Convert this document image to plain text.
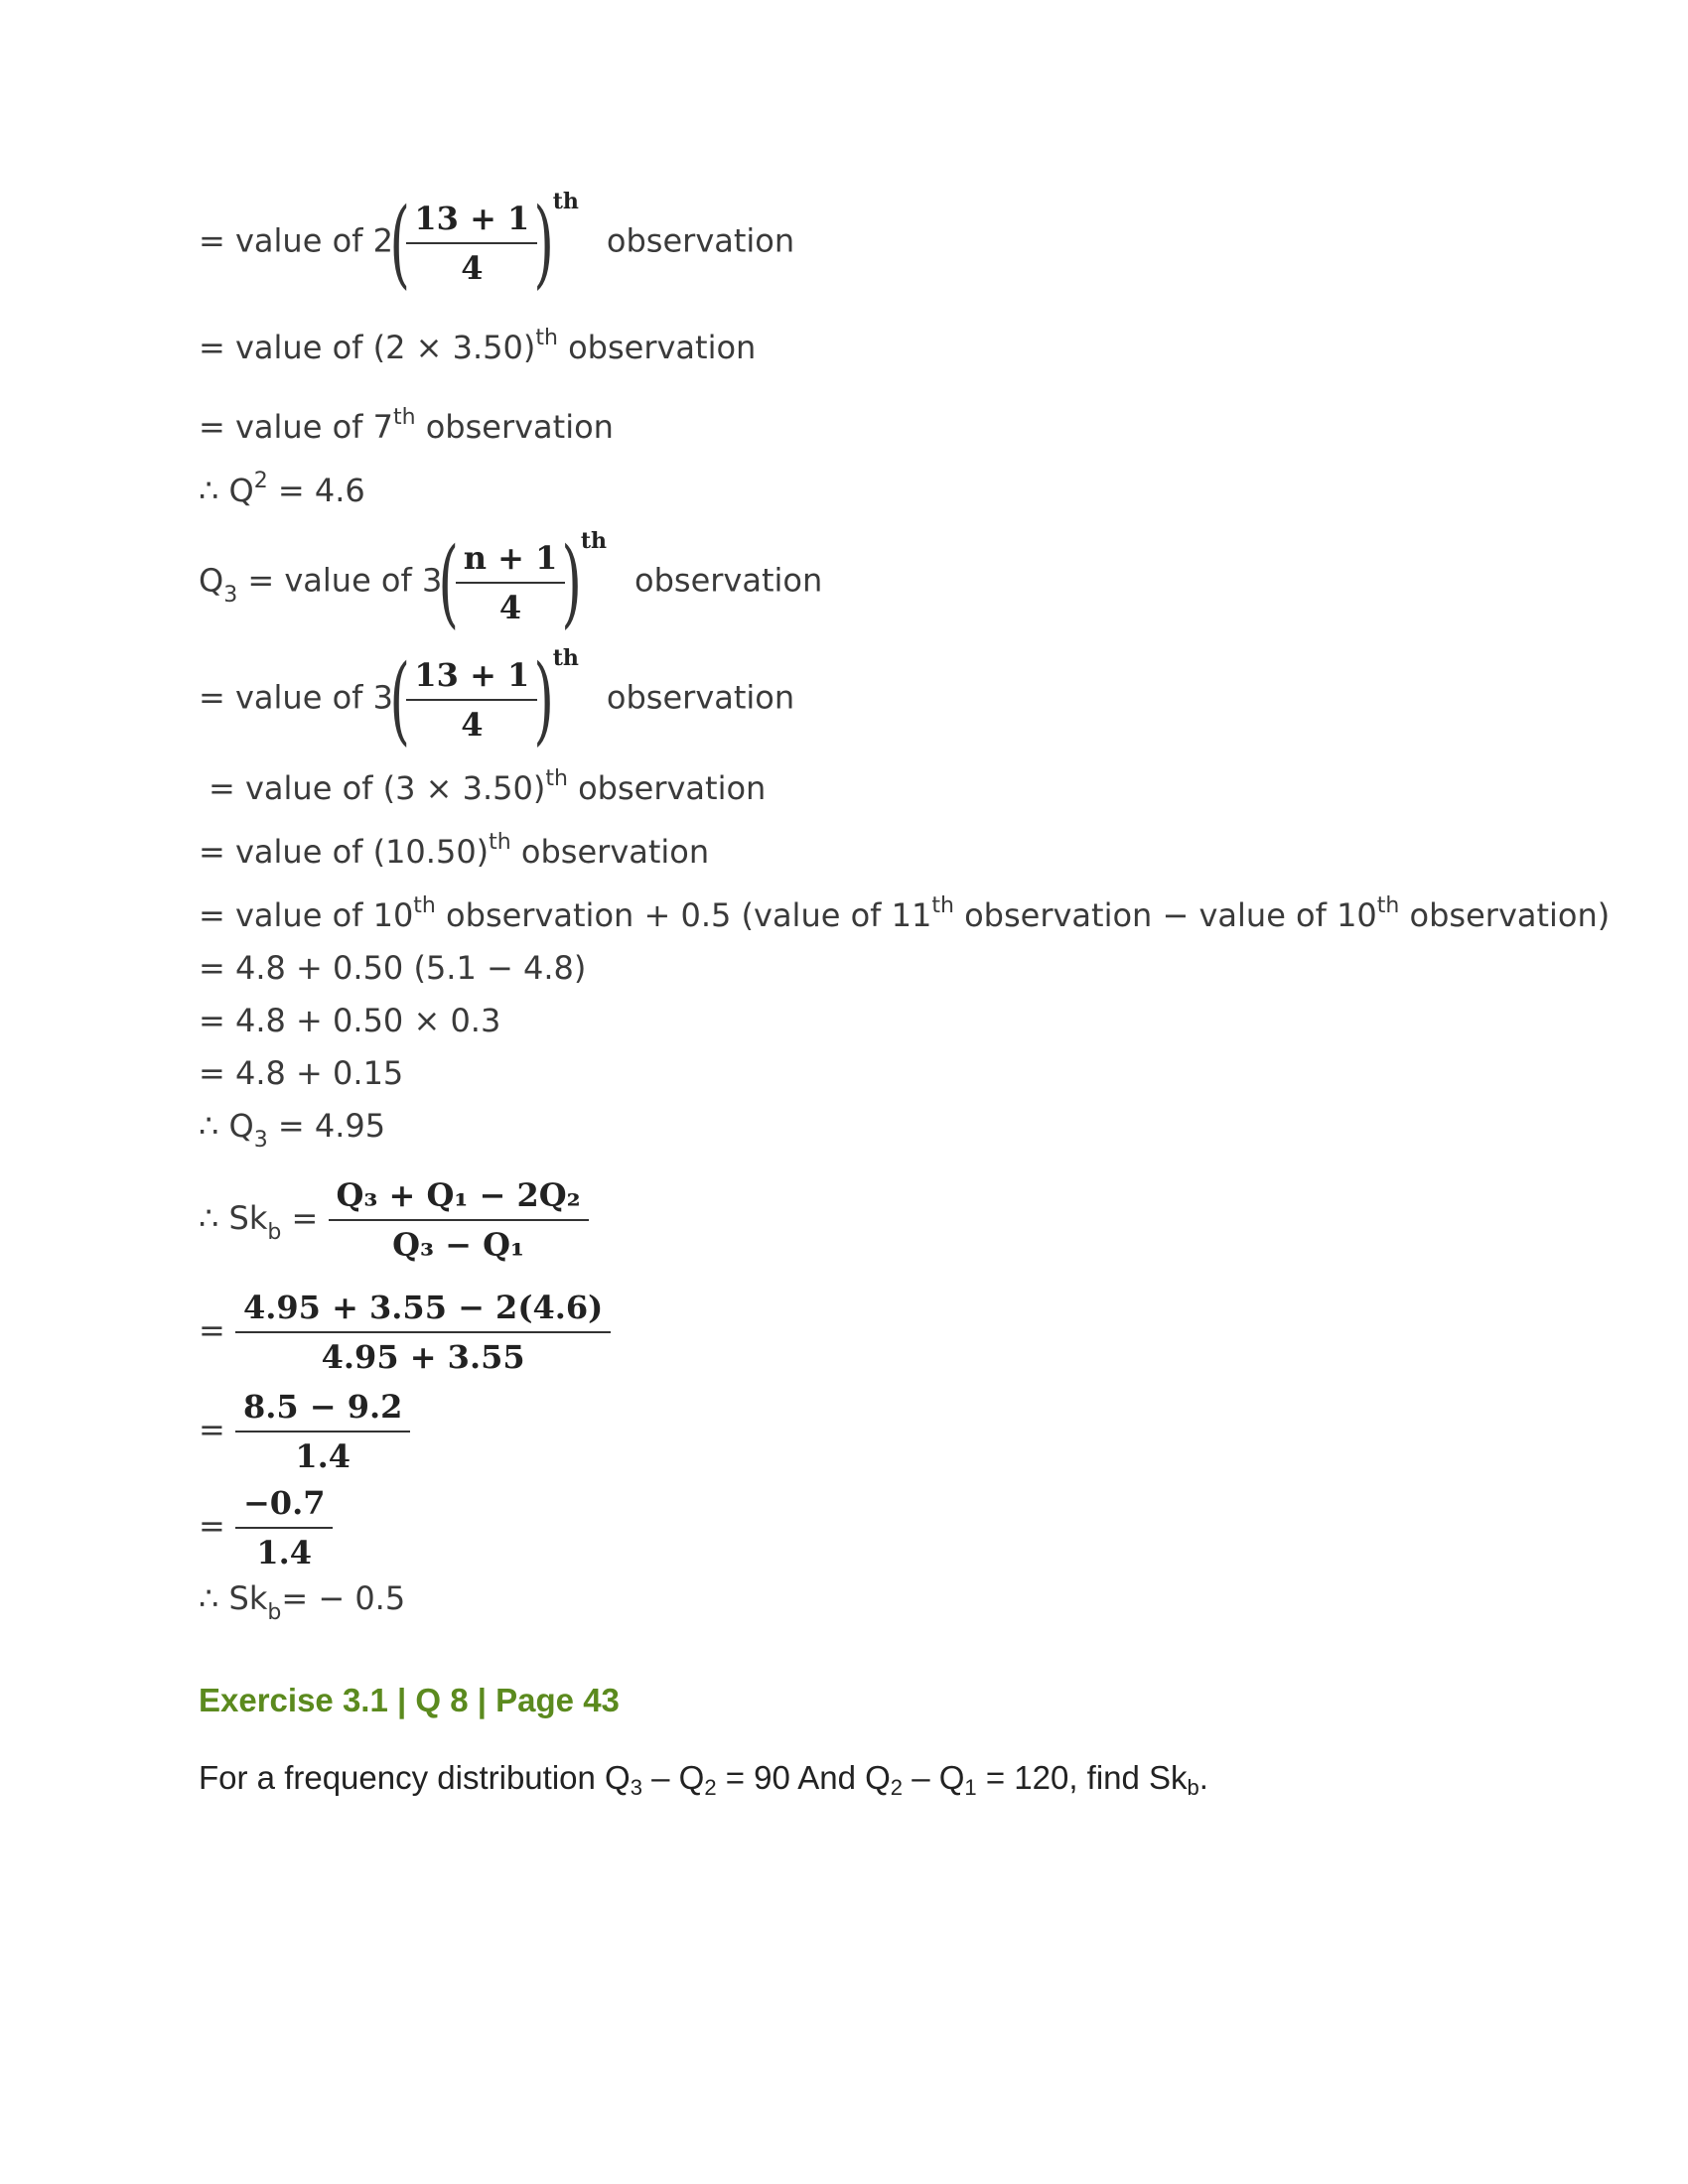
= value of 2(
$\frac{13 + 1}{4}$
)$^{th}$observation
= value of $(2 \times 3.50)^{th}$ observation
= value of 7th observation
∴ $Q^2 = 4.6$
$Q_3$ = value of 3(
$\frac{n + 1}{4}$
)$^{th}$observation
= value of 3(
$\frac{13 + 1}{4}$
)$^{th}$observation
= value of $(3 \times 3.50)^{th}$ observation
= value of $(10.50)^{th}$ observation
= value of 10th observation + 0.5 (value of 11th observation − value of 10th observation)
= 4.8 + 0.50 (5.1 − 4.8)
= 4.8 + 0.50 × 0.3
= 4.8 + 0.15
∴ $Q_3 = 4.95$
∴ $Sk_b = \frac{\text{Q₃ + Q₁ − 2Q₂}}{\text{Q₃ − Q₁}}$
= $\frac{4.95 + 3.55 - 2(4.6)}{4.95 + 3.55}$
= $\frac{8.5 - 9.2}{1.4}$
= $\frac{-0.7}{1.4}$
∴ $Sk_b= - 0.5$
Exercise 3.1 | Q 8 | Page 43
For a frequency distribution $Q_3 - Q_2 = 90$ And $Q_2 - Q_1 = 120$, find $Sk_b$.
